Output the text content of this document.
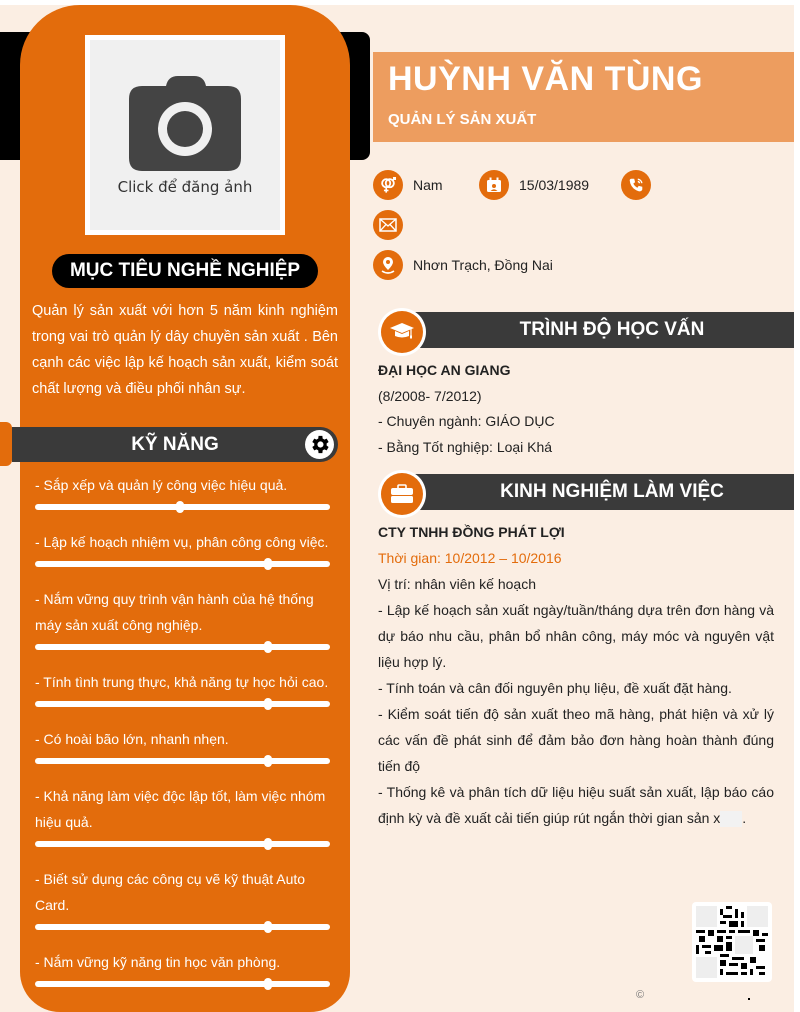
Click để đăng ảnh
MỤC TIÊU NGHỀ NGHIỆP
Quản lý sản xuất với hơn 5 năm kinh nghiệm trong vai trò quản lý dây chuyền sản xuất . Bên cạnh các việc lập kế hoạch sản xuất, kiểm soát chất lượng và điều phối nhân sự.
KỸ NĂNG
- Sắp xếp và quản lý công việc hiệu quả.
- Lập kế hoạch nhiệm vụ, phân công công việc.
- Nắm vững quy trình vận hành của hệ thống máy sản xuất công nghiệp.
- Tính tình trung thực, khả năng tự học hỏi cao.
- Có hoài bão lớn, nhanh nhẹn.
- Khả năng làm việc độc lập tốt, làm việc nhóm hiệu quả.
- Biết sử dụng các công cụ vẽ kỹ thuật Auto Card.
- Nắm vững kỹ năng tin học văn phòng.
HUỲNH VĂN TÙNG
QUẢN LÝ SẢN XUẤT
Nam	15/03/1989
Nhơn Trạch, Đồng Nai
TRÌNH ĐỘ HỌC VẤN
ĐẠI HỌC AN GIANG
(8/2008- 7/2012)
- Chuyên ngành: GIÁO DỤC
- Bằng Tốt nghiệp: Loại Khá
KINH NGHIỆM LÀM VIỆC
CTY TNHH ĐỒNG PHÁT LỢI
Thời gian: 10/2012 – 10/2016
Vị trí: nhân viên kế hoạch
- Lập kế hoạch sản xuất ngày/tuần/tháng dựa trên đơn hàng và dự báo nhu cầu, phân bổ nhân công, máy móc và nguyên vật liệu hợp lý.
- Tính toán và cân đối nguyên phụ liệu, đề xuất đặt hàng.
- Kiểm soát tiến độ sản xuất theo mã hàng, phát hiện và xử lý các vấn đề phát sinh để đảm bảo đơn hàng hoàn thành đúng tiến độ
- Thống kê và phân tích dữ liệu hiệu suất sản xuất, lập báo cáo định kỳ và đề xuất cải tiến giúp rút ngắn thời gian sản x .
©
